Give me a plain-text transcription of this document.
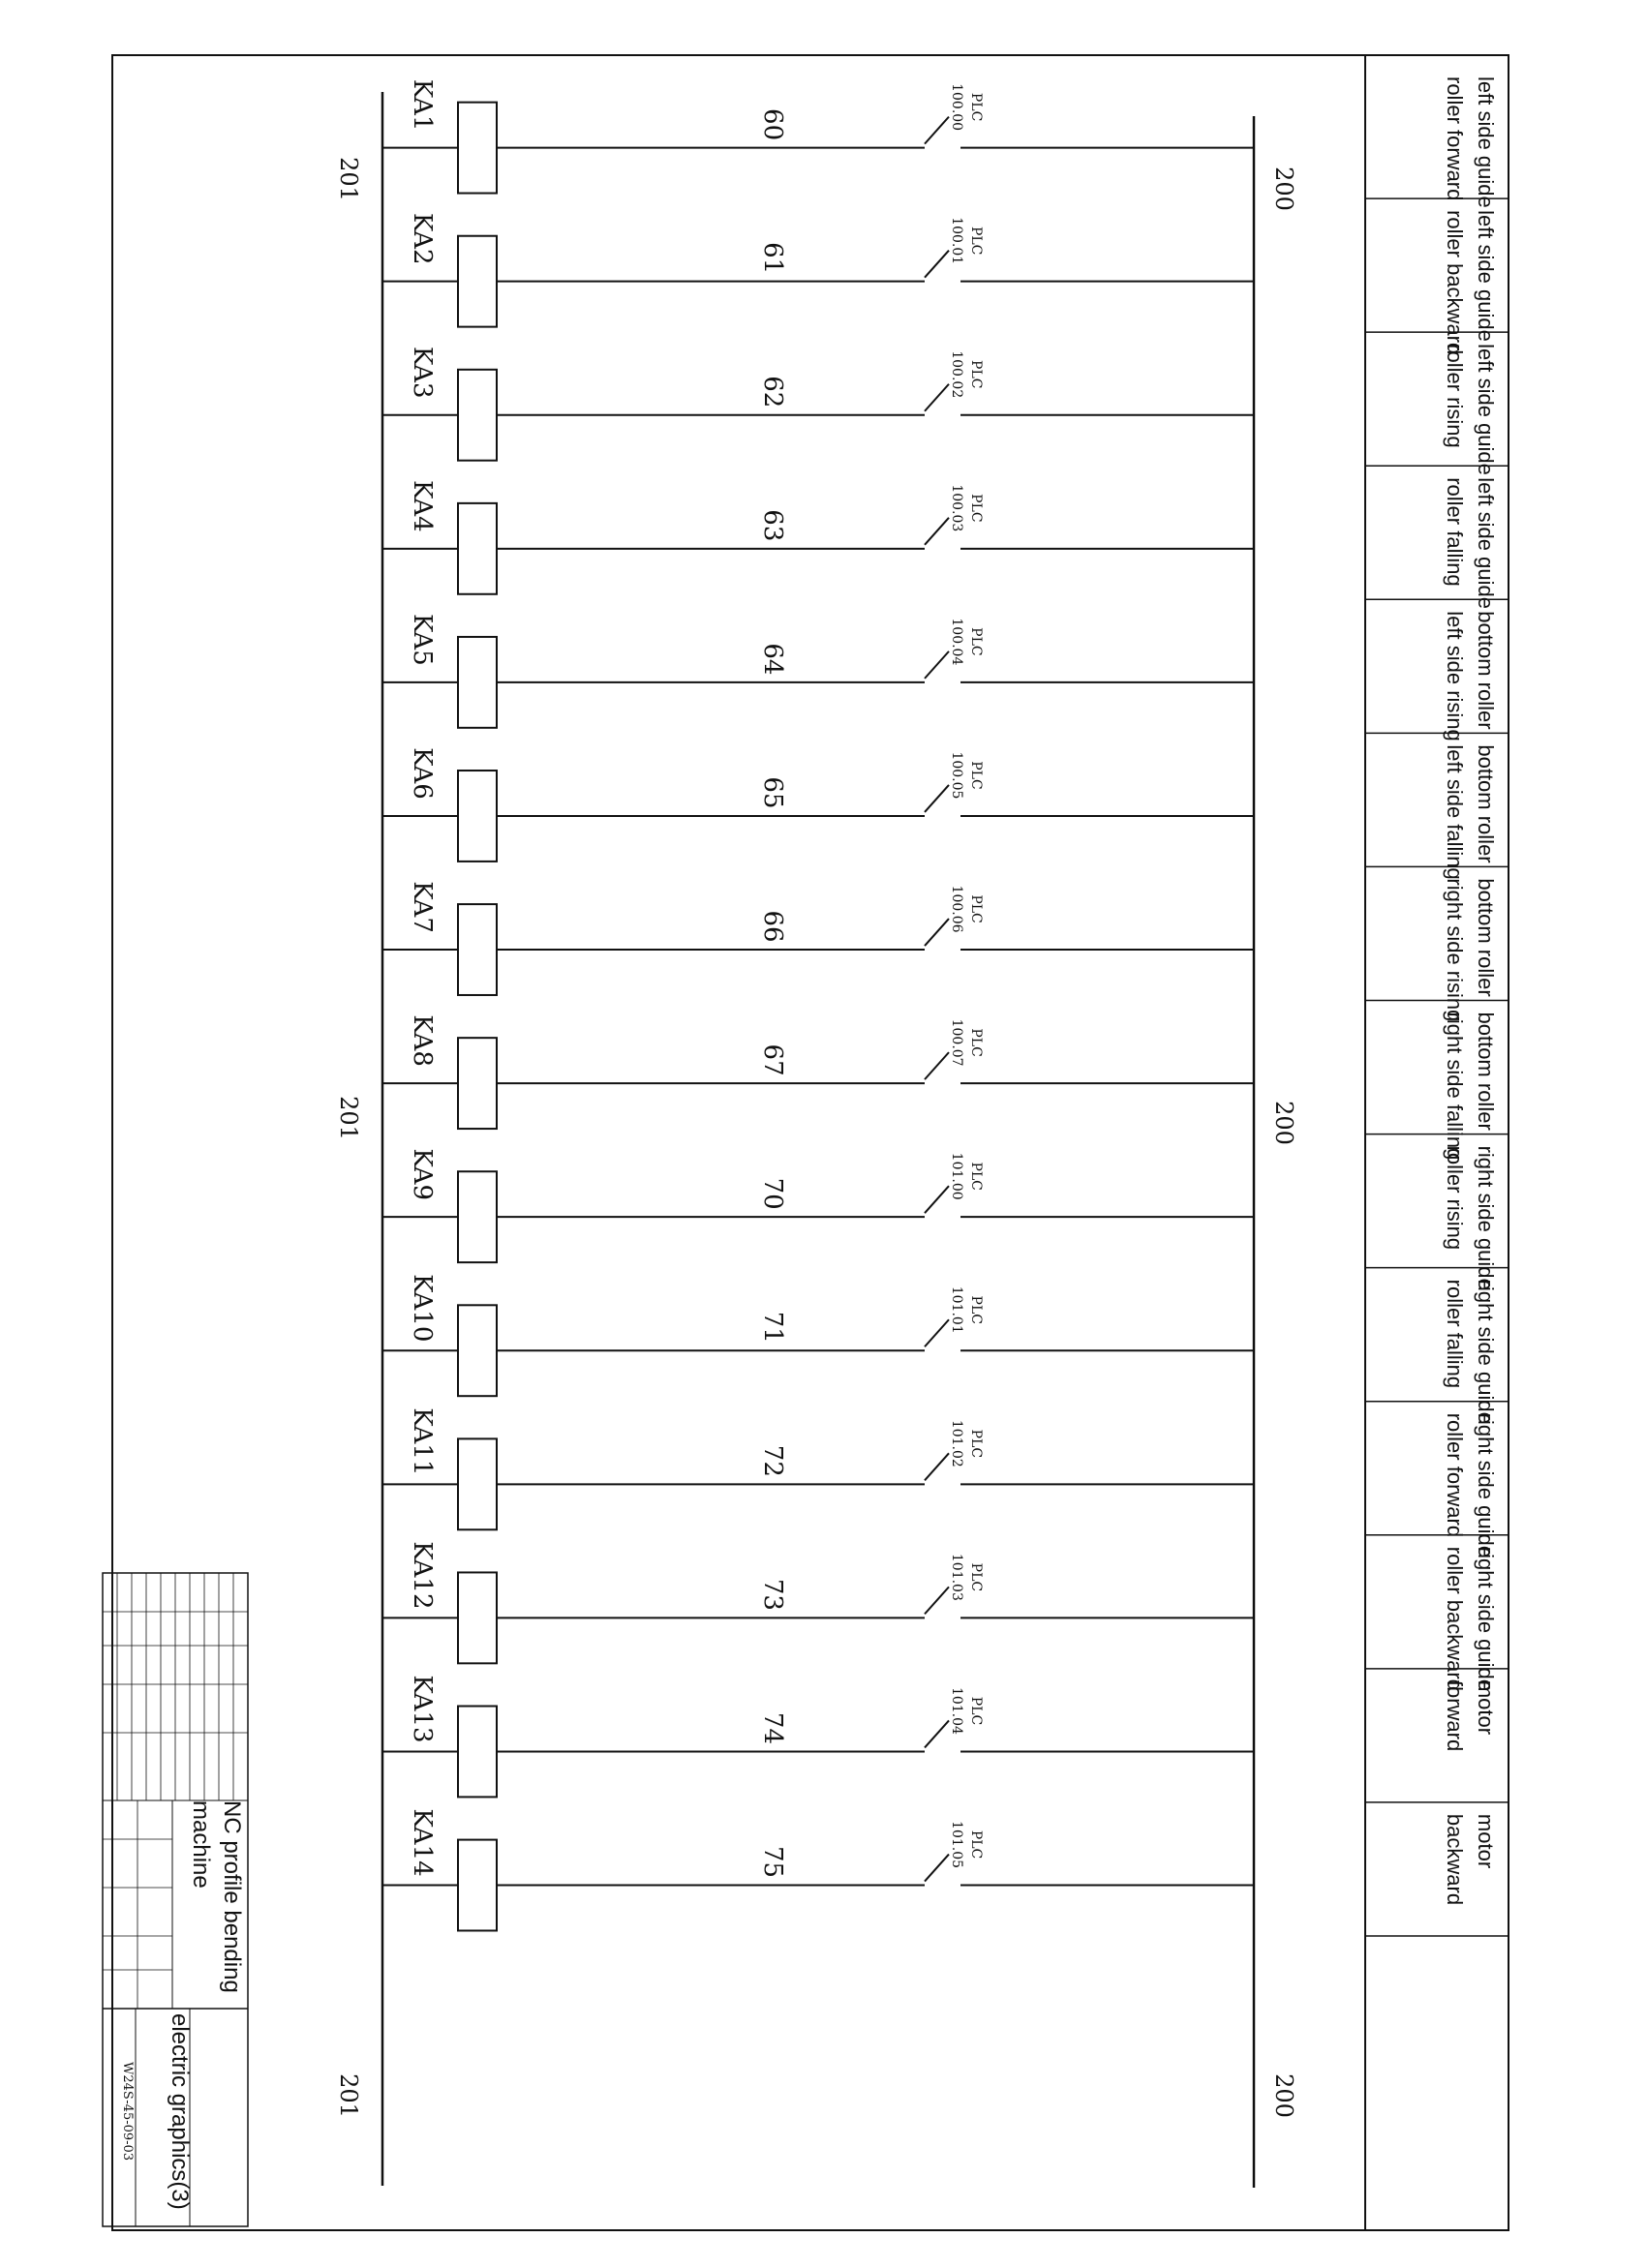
200
200
200
201
201
201
left side guide
roller forward
PLC
100.00
60
KA1
left side guide
roller backward
PLC
100.01
61
KA2
left side guide
roller rising
PLC
100.02
62
KA3
left side guide
roller falling
PLC
100.03
63
KA4
bottom roller
left side rising
PLC
100.04
64
KA5
bottom roller
left side falling
PLC
100.05
65
KA6
bottom roller
right side rising
PLC
100.06
66
KA7
bottom roller
right side falling
PLC
100.07
67
KA8
right side guide
roller rising
PLC
101.00
70
KA9
right side guide
roller falling
PLC
101.01
71
KA10
right side guide
roller forward
PLC
101.02
72
KA11
right side guide
roller backward
PLC
101.03
73
KA12
motor
forward
PLC
101.04
74
KA13
motor
backward
PLC
101.05
75
KA14
NC profile bending
machine
electric graphics(3)
W24S-45-09-03
